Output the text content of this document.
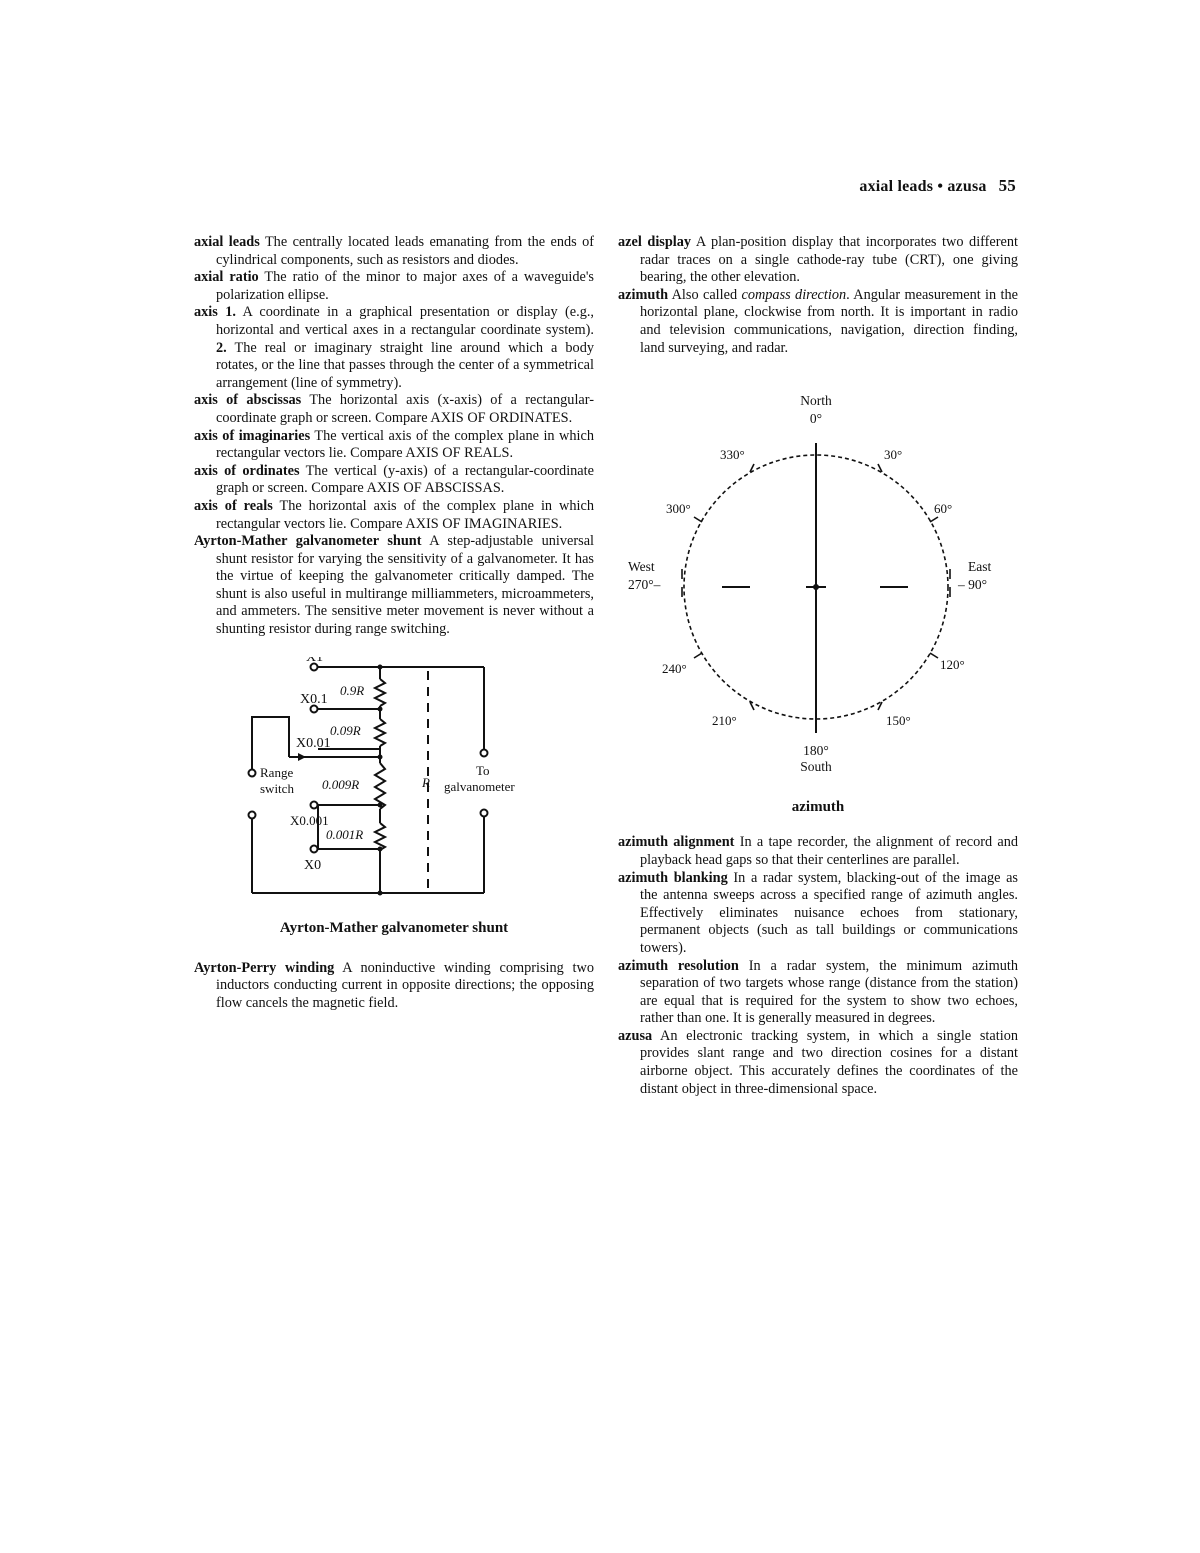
axial leads • azusa 55

axial leads The centrally located leads emanating from the ends of cylindrical components, such as resistors and diodes.

axial ratio The ratio of the minor to major axes of a waveguide's polarization ellipse.

axis 1. A coordinate in a graphical presentation or display (e.g., horizontal and vertical axes in a rectangular coordinate system). 2. The real or imaginary straight line around which a body rotates, or the line that passes through the center of a symmetrical arrangement (line of symmetry).

axis of abscissas The horizontal axis (x-axis) of a rectangular-coordinate graph or screen. Compare AXIS OF ORDINATES.

axis of imaginaries The vertical axis of the complex plane in which rectangular vectors lie. Compare AXIS OF REALS.

axis of ordinates The vertical (y-axis) of a rectangular-coordinate graph or screen. Compare AXIS OF ABSCISSAS.

axis of reals The horizontal axis of the complex plane in which rectangular vectors lie. Compare AXIS OF IMAGINARIES.

Ayrton-Mather galvanometer shunt A step-adjustable universal shunt resistor for varying the sensitivity of a galvanometer. It has the virtue of keeping the galvanometer critically damped. The shunt is also useful in multirange milliammeters, microammeters, and ammeters. The sensitive meter movement is never without a shunting resistor during range switching.

X1
X0.1
X0.01
X0.001
X0
0.9R
0.09R
0.009R
0.001R
Range
switch	R
To
galvanometer
Ayrton-Mather galvanometer shunt

Ayrton-Perry winding A noninductive winding comprising two inductors conducting current in opposite directions; the opposing flow cancels the magnetic field.

azel display A plan-position display that incorporates two different radar traces on a single cathode-ray tube (CRT), one giving bearing, the other elevation.

azimuth Also called compass direction. Angular measurement in the horizontal plane, clockwise from north. It is important in radio and television communications, navigation, direction finding, land surveying, and radar.

North
0°
180°
South
West
270°–
East
– 90°
30°
60°
120°
150°
210°
240°
300°
330°
azimuth

azimuth alignment In a tape recorder, the alignment of record and playback head gaps so that their centerlines are parallel.

azimuth blanking In a radar system, blacking-out of the image as the antenna sweeps across a specified range of azimuth angles. Effectively eliminates nuisance echoes from stationary, permanent objects (such as tall buildings or communications towers).

azimuth resolution In a radar system, the minimum azimuth separation of two targets whose range (distance from the station) are equal that is required for the system to show two echoes, rather than one. It is generally measured in degrees.

azusa An electronic tracking system, in which a single station provides slant range and two direction cosines for a distant airborne object. This accurately defines the coordinates of the distant object in three-dimensional space.
